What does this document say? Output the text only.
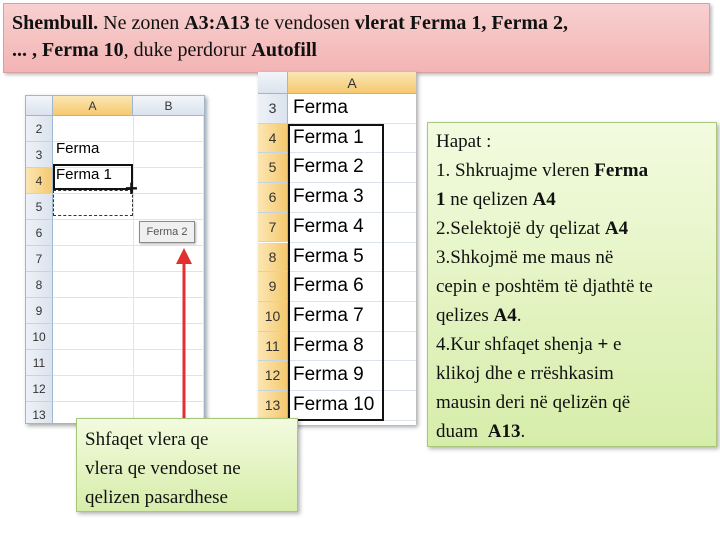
Shembull. Ne zonen A3:A13 te vendosen vlerat Ferma 1, Ferma 2,
... , Ferma 10, duke perdorur Autofill
A	B
2
3
4
5
6
7
8
9
10
11
12
13
Ferma
Ferma 1
+
Ferma 2
A
3 Ferma
4 Ferma 1
5 Ferma 2
6 Ferma 3
7 Ferma 4
8 Ferma 5
9 Ferma 6
10 Ferma 7
11 Ferma 8
12 Ferma 9
13 Ferma 10
Hapat :
1. Shkruajme vleren Ferma
1 ne qelizen A4
2.Selektojë dy qelizat A4
3.Shkojmë me maus në
cepin e poshtëm të djathtë te
qelizes A4.
4.Kur shfaqet shenja + e
klikoj dhe e rrëshkasim
mausin deri në qelizën që
duam  A13.
Shfaqet vlera qe
vlera qe vendoset ne
qelizen pasardhese
